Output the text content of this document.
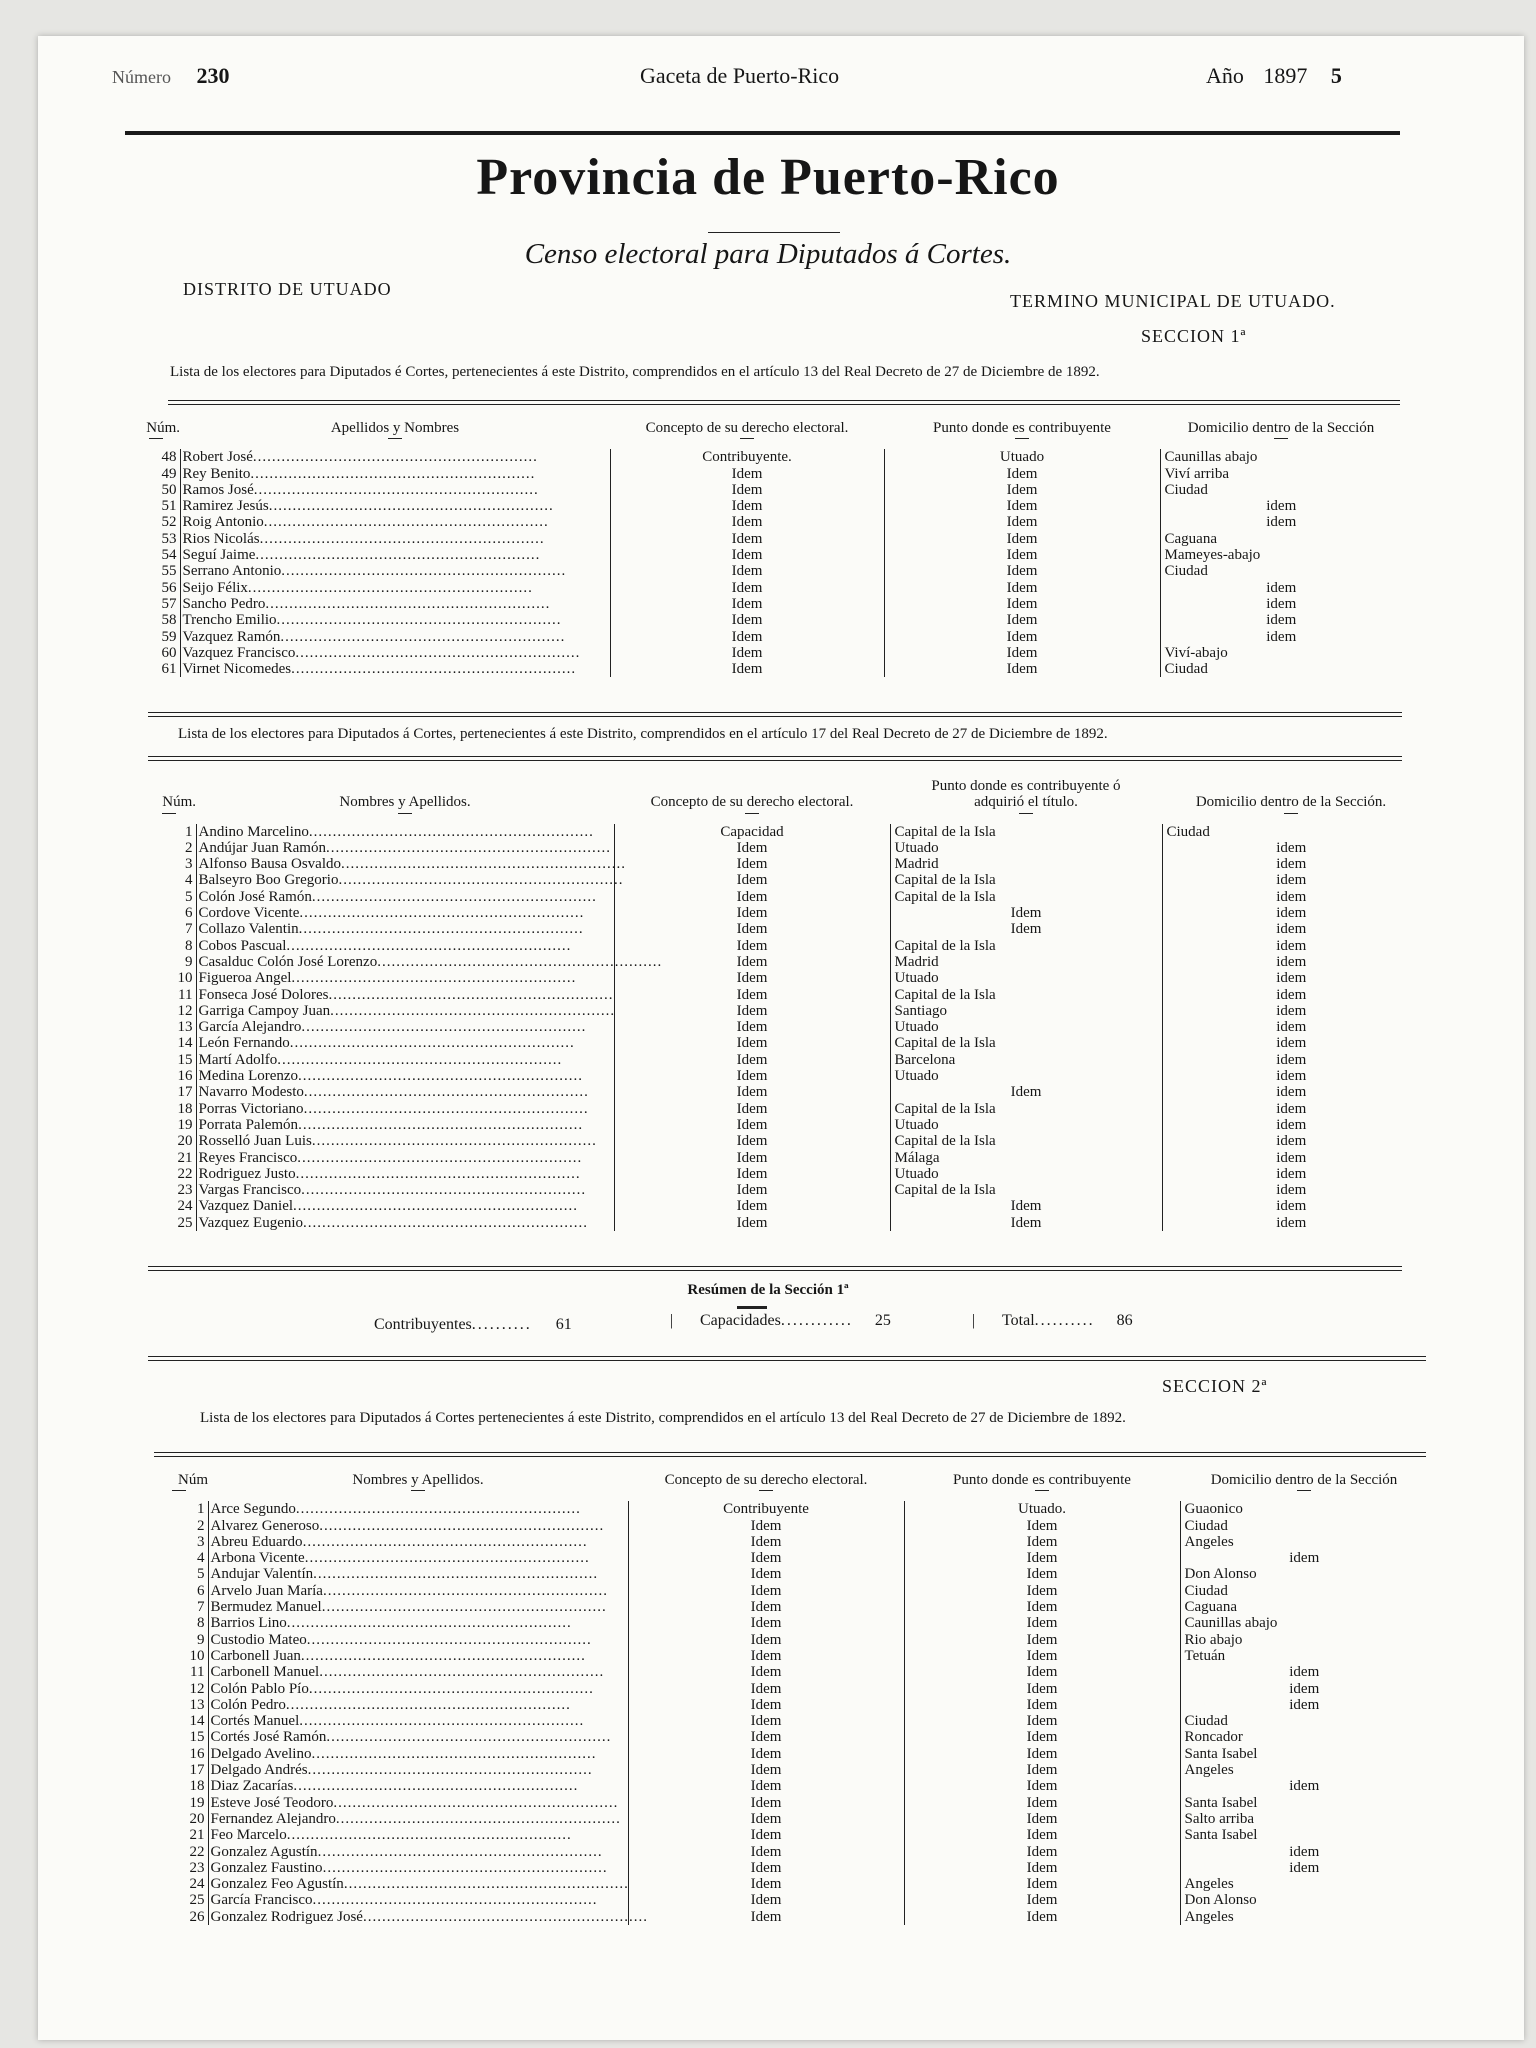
Número 230	Gaceta de Puerto-Rico	Año 1897 5
Provincia de Puerto-Rico
Censo electoral para Diputados á Cortes.
DISTRITO DE UTUADO
TERMINO MUNICIPAL DE UTUADO.
SECCION 1ª
Lista de los electores para Diputados é Cortes, pertenecientes á este Distrito, comprendidos en el artículo 13 del Real Decreto de 27 de Diciembre de 1892.
Núm.	Apellidos y Nombres	Concepto de su derecho electoral.	Punto donde es contribuyente	Domicilio dentro de la Sección

48	Robert José............................................................	Contribuyente.	Utuado	Caunillas abajo
49	Rey Benito............................................................	Idem	Idem	Viví arriba
50	Ramos José............................................................	Idem	Idem	Ciudad
51	Ramirez Jesús............................................................	Idem	Idem	idem
52	Roig Antonio............................................................	Idem	Idem	idem
53	Rios Nicolás............................................................	Idem	Idem	Caguana
54	Seguí Jaime............................................................	Idem	Idem	Mameyes-abajo
55	Serrano Antonio............................................................	Idem	Idem	Ciudad
56	Seijo Félix............................................................	Idem	Idem	idem
57	Sancho Pedro............................................................	Idem	Idem	idem
58	Trencho Emilio............................................................	Idem	Idem	idem
59	Vazquez Ramón............................................................	Idem	Idem	idem
60	Vazquez Francisco............................................................	Idem	Idem	Viví-abajo
61	Virnet Nicomedes............................................................	Idem	Idem	Ciudad
Lista de los electores para Diputados á Cortes, pertenecientes á este Distrito, comprendidos en el artículo 17 del Real Decreto de 27 de Diciembre de 1892.
Núm.	Nombres y Apellidos.	Concepto de su derecho electoral.	Punto donde es contribuyente ó adquirió el título.	Domicilio dentro de la Sección.

1	Andino Marcelino............................................................	Capacidad	Capital de la Isla	Ciudad
2	Andújar Juan Ramón............................................................	Idem	Utuado	idem
3	Alfonso Bausa Osvaldo............................................................	Idem	Madrid	idem
4	Balseyro Boo Gregorio............................................................	Idem	Capital de la Isla	idem
5	Colón José Ramón............................................................	Idem	Capital de la Isla	idem
6	Cordove Vicente............................................................	Idem	Idem	idem
7	Collazo Valentin............................................................	Idem	Idem	idem
8	Cobos Pascual............................................................	Idem	Capital de la Isla	idem
9	Casalduc Colón José Lorenzo............................................................	Idem	Madrid	idem
10	Figueroa Angel............................................................	Idem	Utuado	idem
11	Fonseca José Dolores............................................................	Idem	Capital de la Isla	idem
12	Garriga Campoy Juan............................................................	Idem	Santiago	idem
13	García Alejandro............................................................	Idem	Utuado	idem
14	León Fernando............................................................	Idem	Capital de la Isla	idem
15	Martí Adolfo............................................................	Idem	Barcelona	idem
16	Medina Lorenzo............................................................	Idem	Utuado	idem
17	Navarro Modesto............................................................	Idem	Idem	idem
18	Porras Victoriano............................................................	Idem	Capital de la Isla	idem
19	Porrata Palemón............................................................	Idem	Utuado	idem
20	Rosselló Juan Luis............................................................	Idem	Capital de la Isla	idem
21	Reyes Francisco............................................................	Idem	Málaga	idem
22	Rodriguez Justo............................................................	Idem	Utuado	idem
23	Vargas Francisco............................................................	Idem	Capital de la Isla	idem
24	Vazquez Daniel............................................................	Idem	Idem	idem
25	Vazquez Eugenio............................................................	Idem	Idem	idem
Resúmen de la Sección 1ª
Contribuyentes.......... 61	| Capacidades............ 25	| Total.......... 86
SECCION 2ª
Lista de los electores para Diputados á Cortes pertenecientes á este Distrito, comprendidos en el artículo 13 del Real Decreto de 27 de Diciembre de 1892.
Núm	Nombres y Apellidos.	Concepto de su derecho electoral.	Punto donde es contribuyente	Domicilio dentro de la Sección

1	Arce Segundo............................................................	Contribuyente	Utuado.	Guaonico
2	Alvarez Generoso............................................................	Idem	Idem	Ciudad
3	Abreu Eduardo............................................................	Idem	Idem	Angeles
4	Arbona Vicente............................................................	Idem	Idem	idem
5	Andujar Valentín............................................................	Idem	Idem	Don Alonso
6	Arvelo Juan María............................................................	Idem	Idem	Ciudad
7	Bermudez Manuel............................................................	Idem	Idem	Caguana
8	Barrios Lino............................................................	Idem	Idem	Caunillas abajo
9	Custodio Mateo............................................................	Idem	Idem	Rio abajo
10	Carbonell Juan............................................................	Idem	Idem	Tetuán
11	Carbonell Manuel............................................................	Idem	Idem	idem
12	Colón Pablo Pío............................................................	Idem	Idem	idem
13	Colón Pedro............................................................	Idem	Idem	idem
14	Cortés Manuel............................................................	Idem	Idem	Ciudad
15	Cortés José Ramón............................................................	Idem	Idem	Roncador
16	Delgado Avelino............................................................	Idem	Idem	Santa Isabel
17	Delgado Andrés............................................................	Idem	Idem	Angeles
18	Diaz Zacarías............................................................	Idem	Idem	idem
19	Esteve José Teodoro............................................................	Idem	Idem	Santa Isabel
20	Fernandez Alejandro............................................................	Idem	Idem	Salto arriba
21	Feo Marcelo............................................................	Idem	Idem	Santa Isabel
22	Gonzalez Agustín............................................................	Idem	Idem	idem
23	Gonzalez Faustino............................................................	Idem	Idem	idem
24	Gonzalez Feo Agustín............................................................	Idem	Idem	Angeles
25	García Francisco............................................................	Idem	Idem	Don Alonso
26	Gonzalez Rodriguez José............................................................	Idem	Idem	Angeles
